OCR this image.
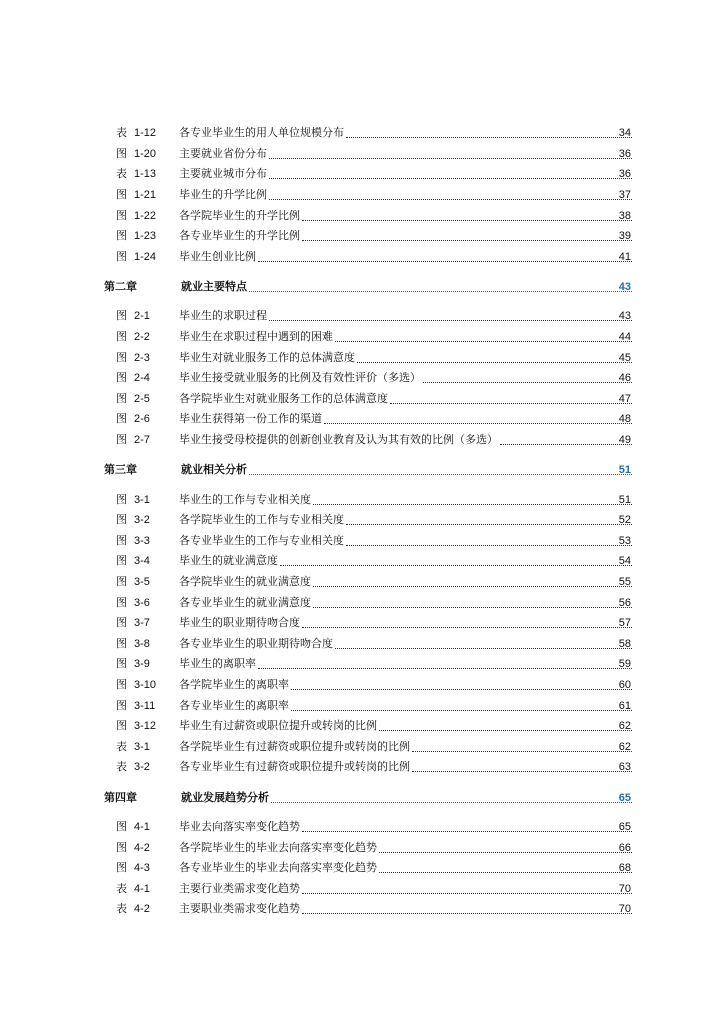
表 1-12	各专业毕业生的用人单位规模分布	34
图 1-20	主要就业省份分布	36
表 1-13	主要就业城市分布	36
图 1-21	毕业生的升学比例	37
图 1-22	各学院毕业生的升学比例	38
图 1-23	各专业毕业生的升学比例	39
图 1-24	毕业生创业比例	41
第二章	就业主要特点	43
图 2-1	毕业生的求职过程	43
图 2-2	毕业生在求职过程中遇到的困难	44
图 2-3	毕业生对就业服务工作的总体满意度	45
图 2-4	毕业生接受就业服务的比例及有效性评价（多选）	46
图 2-5	各学院毕业生对就业服务工作的总体满意度	47
图 2-6	毕业生获得第一份工作的渠道	48
图 2-7	毕业生接受母校提供的创新创业教育及认为其有效的比例（多选）	49
第三章	就业相关分析	51
图 3-1	毕业生的工作与专业相关度	51
图 3-2	各学院毕业生的工作与专业相关度	52
图 3-3	各专业毕业生的工作与专业相关度	53
图 3-4	毕业生的就业满意度	54
图 3-5	各学院毕业生的就业满意度	55
图 3-6	各专业毕业生的就业满意度	56
图 3-7	毕业生的职业期待吻合度	57
图 3-8	各专业毕业生的职业期待吻合度	58
图 3-9	毕业生的离职率	59
图 3-10	各学院毕业生的离职率	60
图 3-11	各专业毕业生的离职率	61
图 3-12	毕业生有过薪资或职位提升或转岗的比例	62
表 3-1	各学院毕业生有过薪资或职位提升或转岗的比例	62
表 3-2	各专业毕业生有过薪资或职位提升或转岗的比例	63
第四章	就业发展趋势分析	65
图 4-1	毕业去向落实率变化趋势	65
图 4-2	各学院毕业生的毕业去向落实率变化趋势	66
图 4-3	各专业毕业生的毕业去向落实率变化趋势	68
表 4-1	主要行业类需求变化趋势	70
表 4-2	主要职业类需求变化趋势	70
